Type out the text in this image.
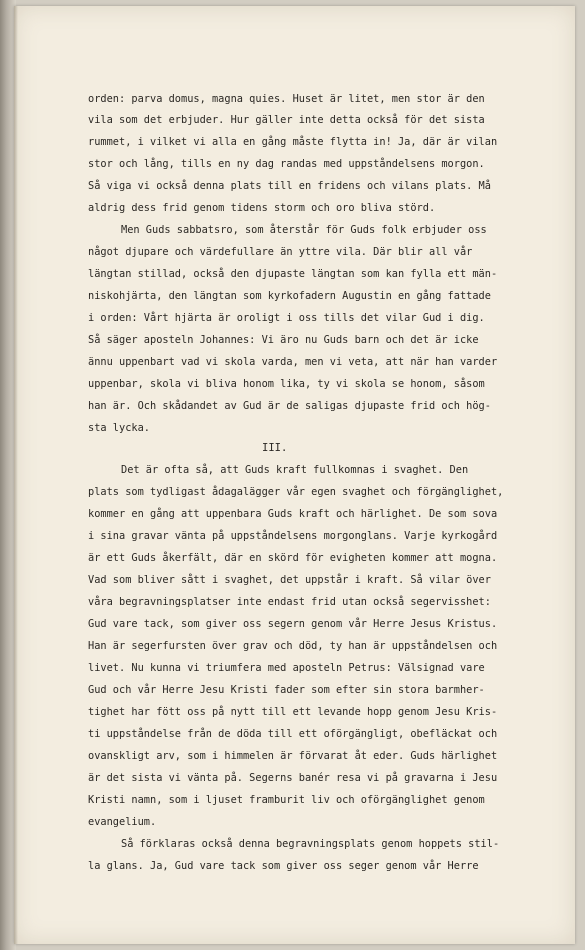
orden: parva domus, magna quies. Huset är litet, men stor är den
vila som det erbjuder. Hur gäller inte detta också för det sista
rummet, i vilket vi alla en gång måste flytta in! Ja, där är vilan
stor och lång, tills en ny dag randas med uppståndelsens morgon.
Så viga vi också denna plats till en fridens och vilans plats. Må
aldrig dess frid genom tidens storm och oro bliva störd.
Men Guds sabbatsro, som återstår för Guds folk erbjuder oss
något djupare och värdefullare än yttre vila. Där blir all vår
längtan stillad, också den djupaste längtan som kan fylla ett män-
niskohjärta, den längtan som kyrkofadern Augustin en gång fattade
i orden: Vårt hjärta är oroligt i oss tills det vilar Gud i dig.
Så säger aposteln Johannes: Vi äro nu Guds barn och det är icke
ännu uppenbart vad vi skola varda, men vi veta, att när han varder
uppenbar, skola vi bliva honom lika, ty vi skola se honom, såsom
han är. Och skådandet av Gud är de saligas djupaste frid och hög-
sta lycka.
III.
Det är ofta så, att Guds kraft fullkomnas i svaghet. Den
plats som tydligast ådagalägger vår egen svaghet och förgänglighet,
kommer en gång att uppenbara Guds kraft och härlighet. De som sova
i sina gravar vänta på uppståndelsens morgonglans. Varje kyrkogård
är ett Guds åkerfält, där en skörd för evigheten kommer att mogna.
Vad som bliver sått i svaghet, det uppstår i kraft. Så vilar över
våra begravningsplatser inte endast frid utan också segervisshet:
Gud vare tack, som giver oss segern genom vår Herre Jesus Kristus.
Han är segerfursten över grav och död, ty han är uppståndelsen och
livet. Nu kunna vi triumfera med aposteln Petrus: Välsignad vare
Gud och vår Herre Jesu Kristi fader som efter sin stora barmher-
tighet har fött oss på nytt till ett levande hopp genom Jesu Kris-
ti uppståndelse från de döda till ett oförgängligt, obefläckat och
ovanskligt arv, som i himmelen är förvarat åt eder. Guds härlighet
är det sista vi vänta på. Segerns banér resa vi på gravarna i Jesu
Kristi namn, som i ljuset framburit liv och oförgänglighet genom
evangelium.
Så förklaras också denna begravningsplats genom hoppets stil-
la glans. Ja, Gud vare tack som giver oss seger genom vår Herre
